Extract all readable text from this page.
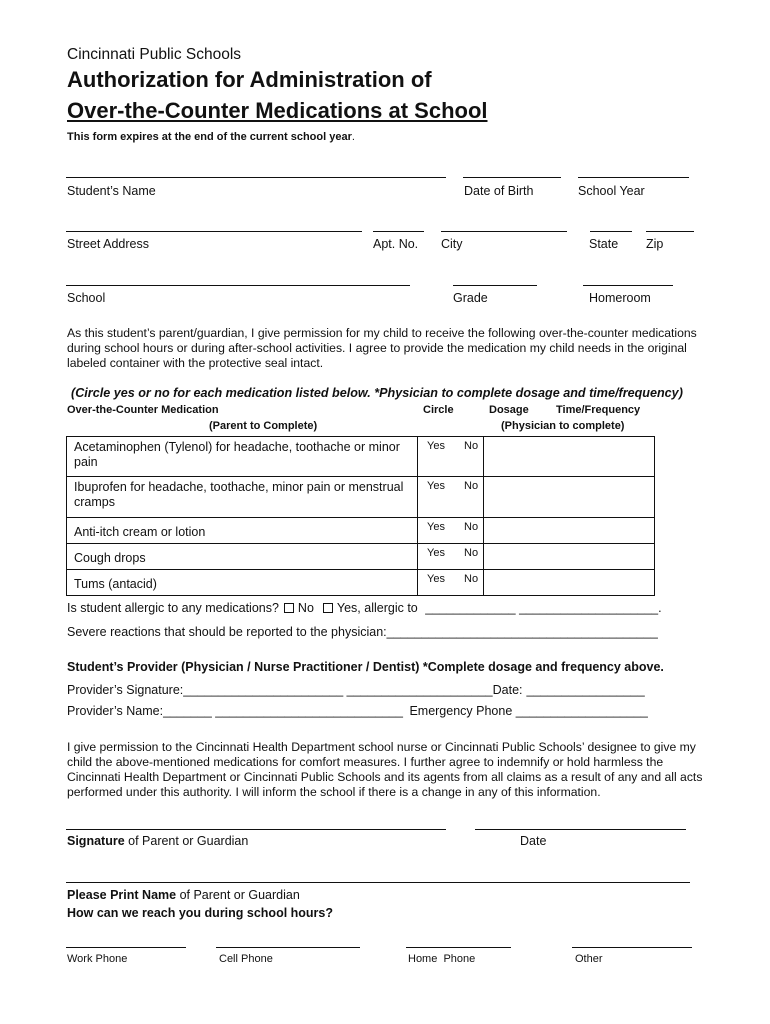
Cincinnati Public Schools
Authorization for Administration of
Over-the-Counter Medications at School
This form expires at the end of the current school year.
Student’s Name	Date of Birth	School Year
Street Address	Apt. No. City	State Zip
School	Grade	Homeroom
As this student’s parent/guardian, I give permission for my child to receive the following over-the-counter medications during school hours or during after-school activities. I agree to provide the medication my child needs in the original labeled container with the protective seal intact.
(Circle yes or no for each medication listed below. *Physician to complete dosage and time/frequency)
Over-the-Counter Medication
(Parent to Complete)
Circle	Dosage Time/Frequency
(Physician to complete)
Acetaminophen (Tylenol) for headache, toothache or minor pain	Yes No	

Ibuprofen for headache, toothache, minor pain or menstrual cramps	Yes No	

Anti-itch cream or lotion	Yes No	

Cough drops	Yes No	

Tums (antacid)	Yes No	

Is student allergic to any medications? No Yes, allergic to _____________ ____________________.
Severe reactions that should be reported to the physician:_______________________________________
Student’s Provider (Physician / Nurse Practitioner / Dentist) *Complete dosage and frequency above.
Provider’s Signature:_______________________ _____________________Date: _________________
Provider’s Name:_______ ___________________________ Emergency Phone ___________________
I give permission to the Cincinnati Health Department school nurse or Cincinnati Public Schools’ designee to give my child the above-mentioned medications for comfort measures. I further agree to indemnify or hold harmless the Cincinnati Health Department or Cincinnati Public Schools and its agents from all claims as a result of any and all acts performed under this authority. I will inform the school if there is a change in any of this information.
Signature of Parent or Guardian	Date
Please Print Name of Parent or Guardian
How can we reach you during school hours?
Work Phone	Cell Phone	Home  Phone	Other
